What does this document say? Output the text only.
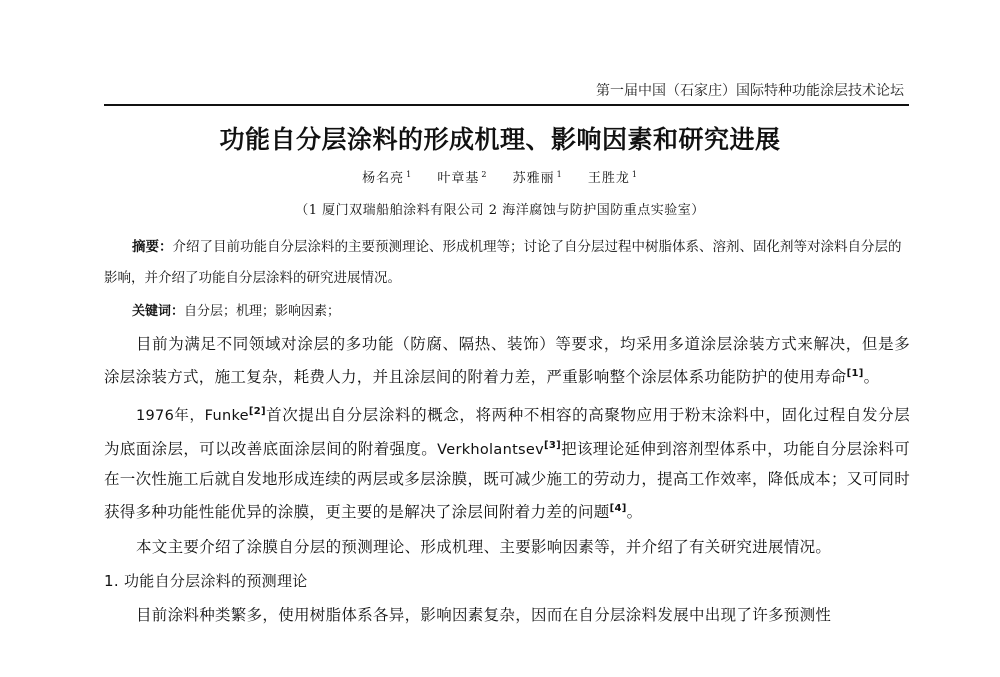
第一届中国（石家庄）国际特种功能涂层技术论坛
功能自分层涂料的形成机理、影响因素和研究进展
杨名亮 $^1$ 叶章基 $^2$ 苏雅丽 $^1$ 王胜龙 $^1$
（1 厦门双瑞船舶涂料有限公司 2 海洋腐蚀与防护国防重点实验室）
摘要：介绍了目前功能自分层涂料的主要预测理论、形成机理等；讨论了自分层过程中树脂体系、溶剂、固化剂等对涂料自分层的影响，并介绍了功能自分层涂料的研究进展情况。
关键词：自分层；机理；影响因素；

目前为满足不同领域对涂层的多功能（防腐、隔热、装饰）等要求，均采用多道涂层涂装方式来解决，但是多涂层涂装方式，施工复杂，耗费人力，并且涂层间的附着力差，严重影响整个涂层体系功能防护的使用寿命[1]。

1976年，Funke[2]首次提出自分层涂料的概念，将两种不相容的高聚物应用于粉末涂料中，固化过程自发分层为底面涂层，可以改善底面涂层间的附着强度。Verkholantsev[3]把该理论延伸到溶剂型体系中，功能自分层涂料可在一次性施工后就自发地形成连续的两层或多层涂膜，既可减少施工的劳动力，提高工作效率，降低成本；又可同时获得多种功能性能优异的涂膜，更主要的是解决了涂层间附着力差的问题[4]。

本文主要介绍了涂膜自分层的预测理论、形成机理、主要影响因素等，并介绍了有关研究进展情况。

1. 功能自分层涂料的预测理论

目前涂料种类繁多，使用树脂体系各异，影响因素复杂，因而在自分层涂料发展中出现了许多预测性
